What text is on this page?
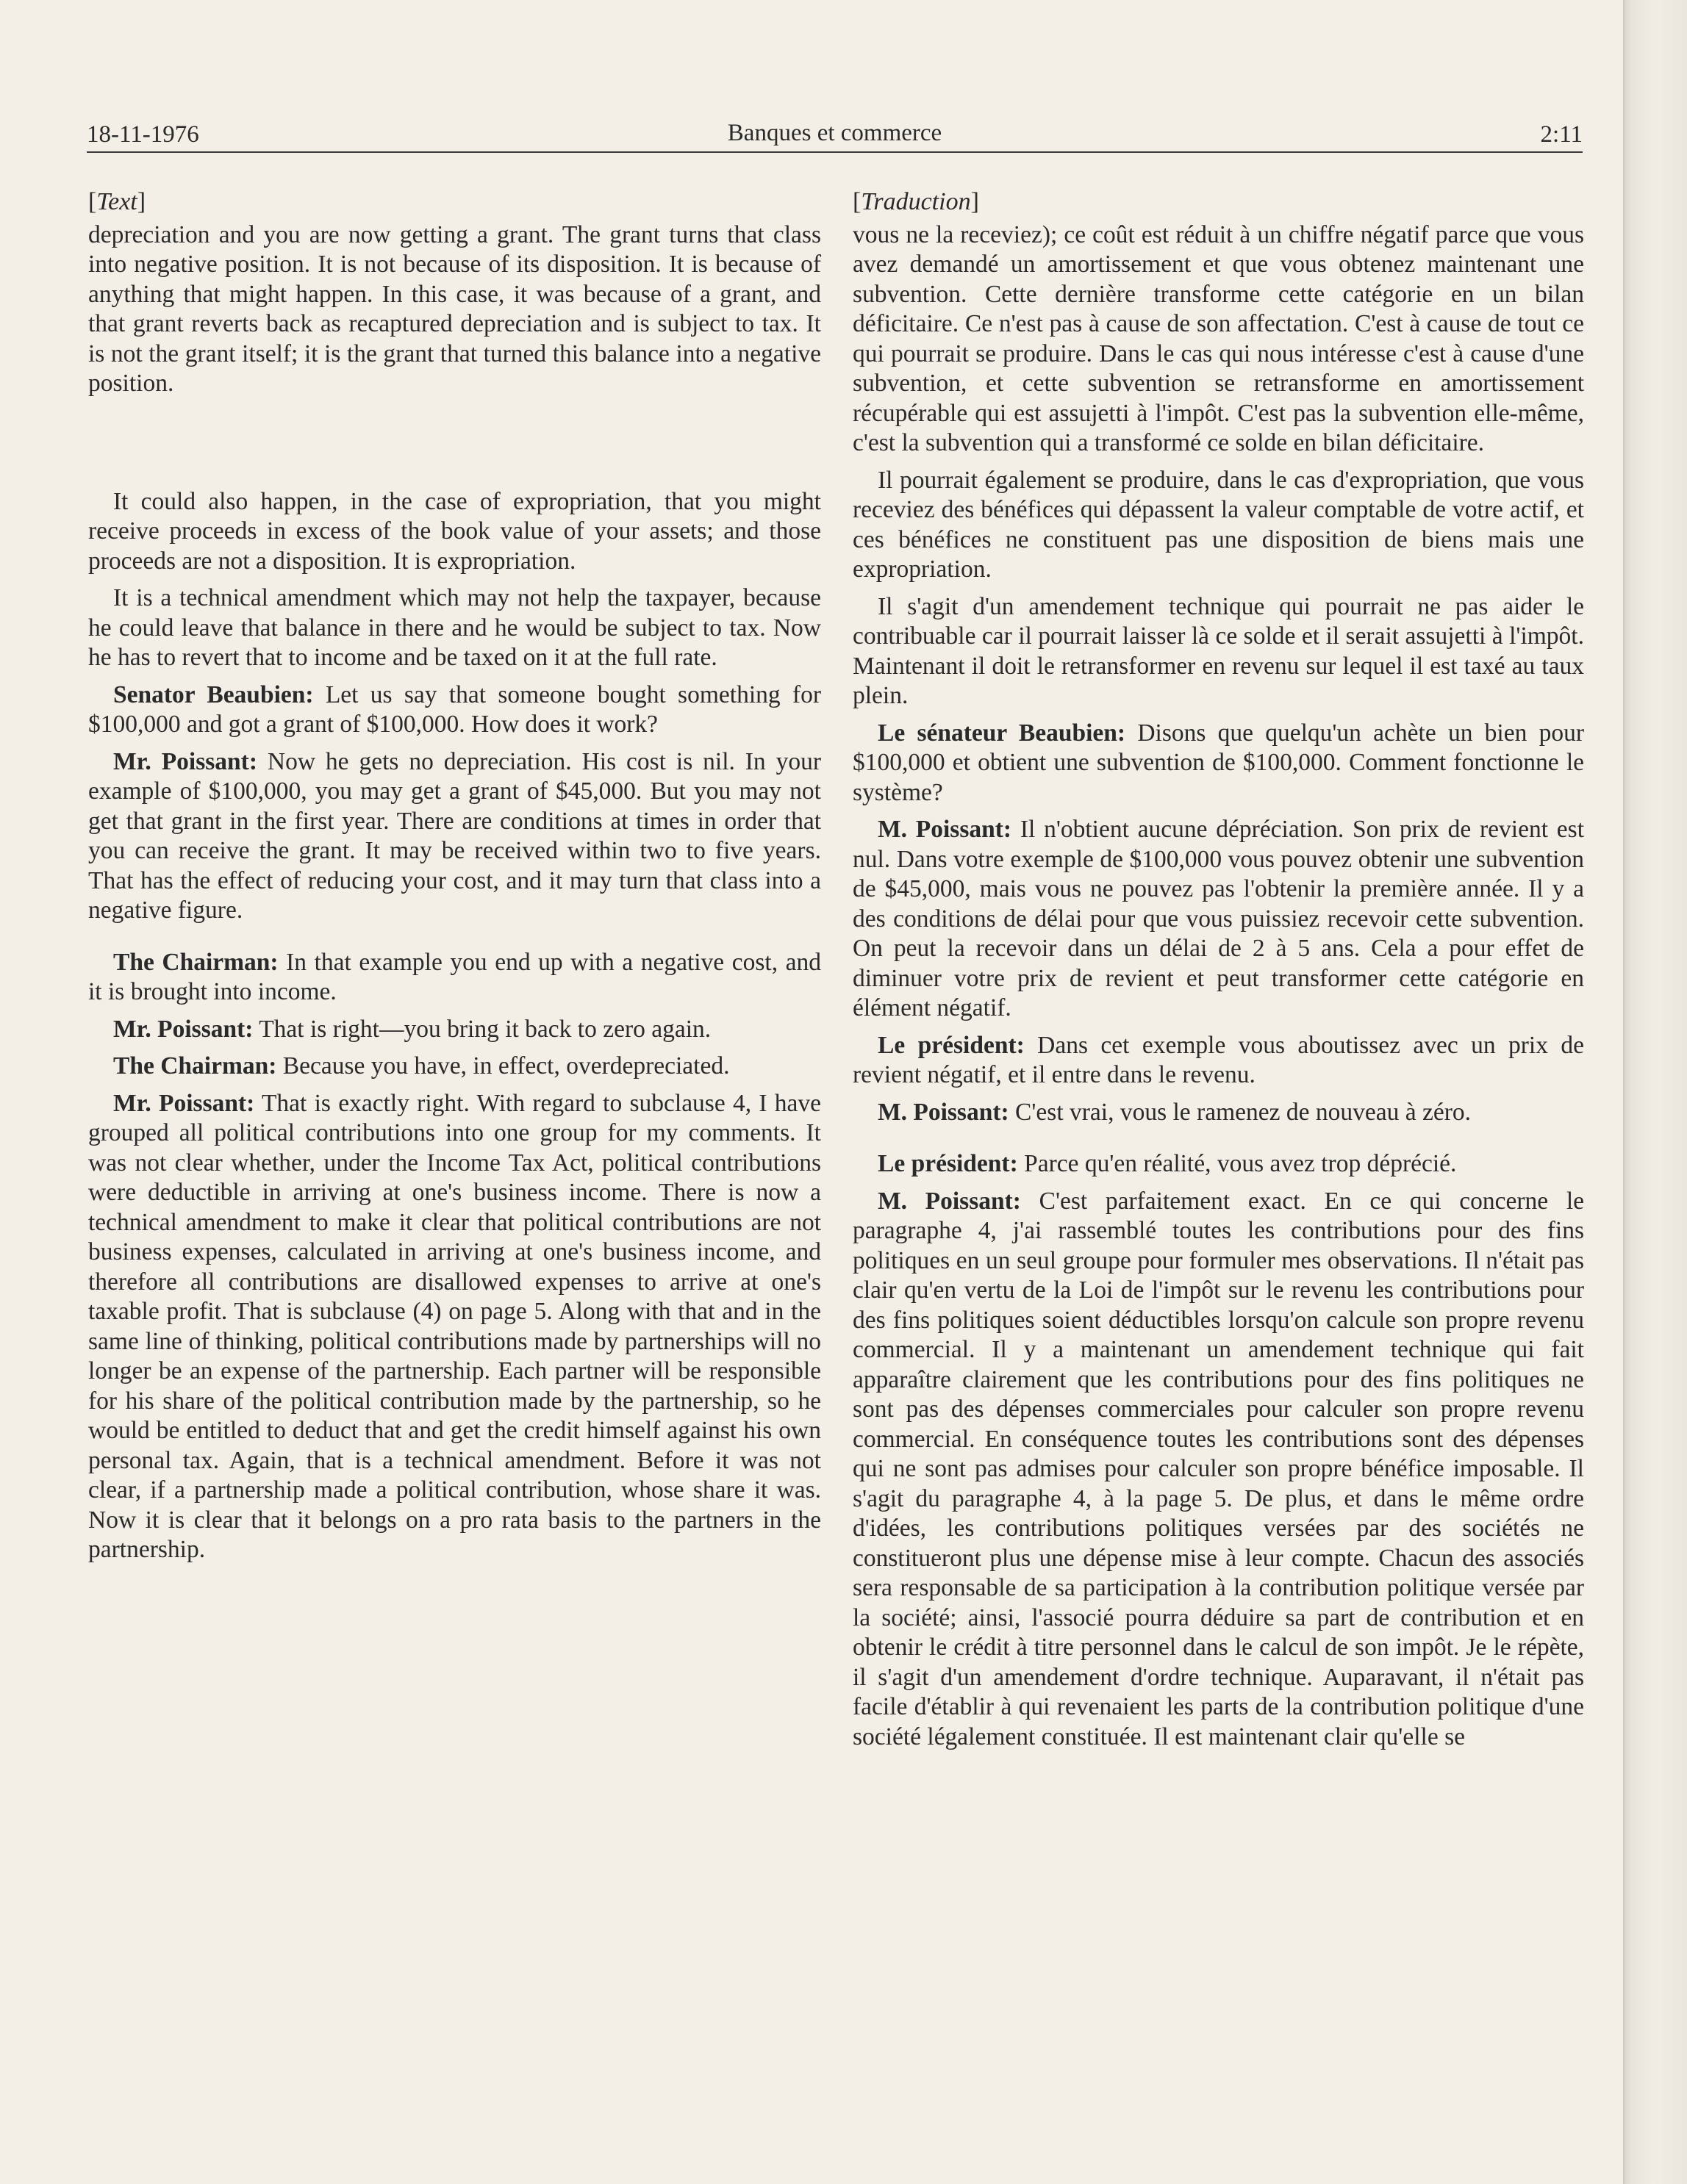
18-11-1976	Banques et commerce	2:11
[Text]

depreciation and you are now getting a grant. The grant turns that class into negative position. It is not because of its disposition. It is because of anything that might happen. In this case, it was because of a grant, and that grant reverts back as recaptured depreciation and is subject to tax. It is not the grant itself; it is the grant that turned this balance into a negative position.

It could also happen, in the case of expropriation, that you might receive proceeds in excess of the book value of your assets; and those proceeds are not a disposition. It is expropriation.

It is a technical amendment which may not help the taxpayer, because he could leave that balance in there and he would be subject to tax. Now he has to revert that to income and be taxed on it at the full rate.

Senator Beaubien: Let us say that someone bought something for $100,000 and got a grant of $100,000. How does it work?

Mr. Poissant: Now he gets no depreciation. His cost is nil. In your example of $100,000, you may get a grant of $45,000. But you may not get that grant in the first year. There are conditions at times in order that you can receive the grant. It may be received within two to five years. That has the effect of reducing your cost, and it may turn that class into a negative figure.

The Chairman: In that example you end up with a negative cost, and it is brought into income.

Mr. Poissant: That is right—you bring it back to zero again.

The Chairman: Because you have, in effect, overdepreciated.

Mr. Poissant: That is exactly right. With regard to subclause 4, I have grouped all political contributions into one group for my comments. It was not clear whether, under the Income Tax Act, political contributions were deductible in arriving at one's business income. There is now a technical amendment to make it clear that political contributions are not business expenses, calculated in arriving at one's business income, and therefore all contributions are disallowed expenses to arrive at one's taxable profit. That is subclause (4) on page 5. Along with that and in the same line of thinking, political contributions made by partnerships will no longer be an expense of the partnership. Each partner will be responsible for his share of the political contribution made by the partnership, so he would be entitled to deduct that and get the credit himself against his own personal tax. Again, that is a technical amendment. Before it was not clear, if a partnership made a political contribution, whose share it was. Now it is clear that it belongs on a pro rata basis to the partners in the partnership.

[Traduction]

vous ne la receviez); ce coût est réduit à un chiffre négatif parce que vous avez demandé un amortissement et que vous obtenez maintenant une subvention. Cette dernière transforme cette catégorie en un bilan déficitaire. Ce n'est pas à cause de son affectation. C'est à cause de tout ce qui pourrait se produire. Dans le cas qui nous intéresse c'est à cause d'une subvention, et cette subvention se retransforme en amortissement récupérable qui est assujetti à l'impôt. C'est pas la subvention elle-même, c'est la subvention qui a transformé ce solde en bilan déficitaire.

Il pourrait également se produire, dans le cas d'expropriation, que vous receviez des bénéfices qui dépassent la valeur comptable de votre actif, et ces bénéfices ne constituent pas une disposition de biens mais une expropriation.

Il s'agit d'un amendement technique qui pourrait ne pas aider le contribuable car il pourrait laisser là ce solde et il serait assujetti à l'impôt. Maintenant il doit le retransformer en revenu sur lequel il est taxé au taux plein.

Le sénateur Beaubien: Disons que quelqu'un achète un bien pour $100,000 et obtient une subvention de $100,000. Comment fonctionne le système?

M. Poissant: Il n'obtient aucune dépréciation. Son prix de revient est nul. Dans votre exemple de $100,000 vous pouvez obtenir une subvention de $45,000, mais vous ne pouvez pas l'obtenir la première année. Il y a des conditions de délai pour que vous puissiez recevoir cette subvention. On peut la recevoir dans un délai de 2 à 5 ans. Cela a pour effet de diminuer votre prix de revient et peut transformer cette catégorie en élément négatif.

Le président: Dans cet exemple vous aboutissez avec un prix de revient négatif, et il entre dans le revenu.

M. Poissant: C'est vrai, vous le ramenez de nouveau à zéro.

Le président: Parce qu'en réalité, vous avez trop déprécié.

M. Poissant: C'est parfaitement exact. En ce qui concerne le paragraphe 4, j'ai rassemblé toutes les contributions pour des fins politiques en un seul groupe pour formuler mes observations. Il n'était pas clair qu'en vertu de la Loi de l'impôt sur le revenu les contributions pour des fins politiques soient déductibles lorsqu'on calcule son propre revenu commercial. Il y a maintenant un amendement technique qui fait apparaître clairement que les contributions pour des fins politiques ne sont pas des dépenses commerciales pour calculer son propre revenu commercial. En conséquence toutes les contributions sont des dépenses qui ne sont pas admises pour calculer son propre bénéfice imposable. Il s'agit du paragraphe 4, à la page 5. De plus, et dans le même ordre d'idées, les contributions politiques versées par des sociétés ne constitueront plus une dépense mise à leur compte. Chacun des associés sera responsable de sa participation à la contribution politique versée par la société; ainsi, l'associé pourra déduire sa part de contribution et en obtenir le crédit à titre personnel dans le calcul de son impôt. Je le répète, il s'agit d'un amendement d'ordre technique. Auparavant, il n'était pas facile d'établir à qui revenaient les parts de la contribution politique d'une société légalement constituée. Il est maintenant clair qu'elle se
